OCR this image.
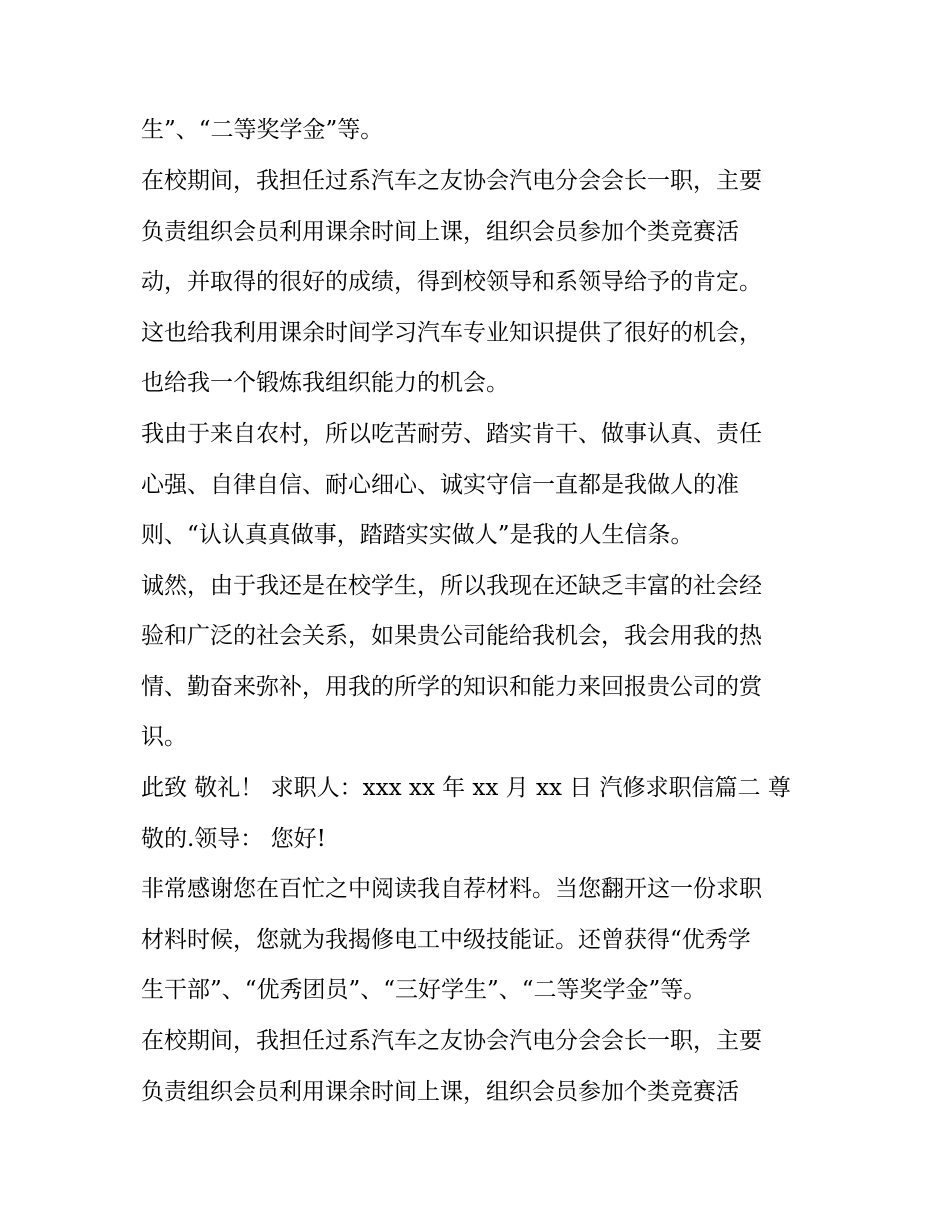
生”、“二等奖学金”等。
在校期间，我担任过系汽车之友协会汽电分会会长一职，主要
负责组织会员利用课余时间上课，组织会员参加个类竞赛活
动，并取得的很好的成绩，得到校领导和系领导给予的肯定。
这也给我利用课余时间学习汽车专业知识提供了很好的机会，
也给我一个锻炼我组织能力的机会。
我由于来自农村，所以吃苦耐劳、踏实肯干、做事认真、责任
心强、自律自信、耐心细心、诚实守信一直都是我做人的准
则、“认认真真做事，踏踏实实做人”是我的人生信条。
诚然，由于我还是在校学生，所以我现在还缺乏丰富的社会经
验和广泛的社会关系，如果贵公司能给我机会，我会用我的热
情、勤奋来弥补，用我的所学的知识和能力来回报贵公司的赏
识。
此致 敬礼！ 求职人：xxx xx 年 xx 月 xx 日 汽修求职信篇二 尊
敬的.领导： 您好!
非常感谢您在百忙之中阅读我自荐材料。当您翻开这一份求职
材料时候，您就为我揭修电工中级技能证。还曾获得“优秀学
生干部”、“优秀团员”、“三好学生”、“二等奖学金”等。
在校期间，我担任过系汽车之友协会汽电分会会长一职，主要
负责组织会员利用课余时间上课，组织会员参加个类竞赛活
